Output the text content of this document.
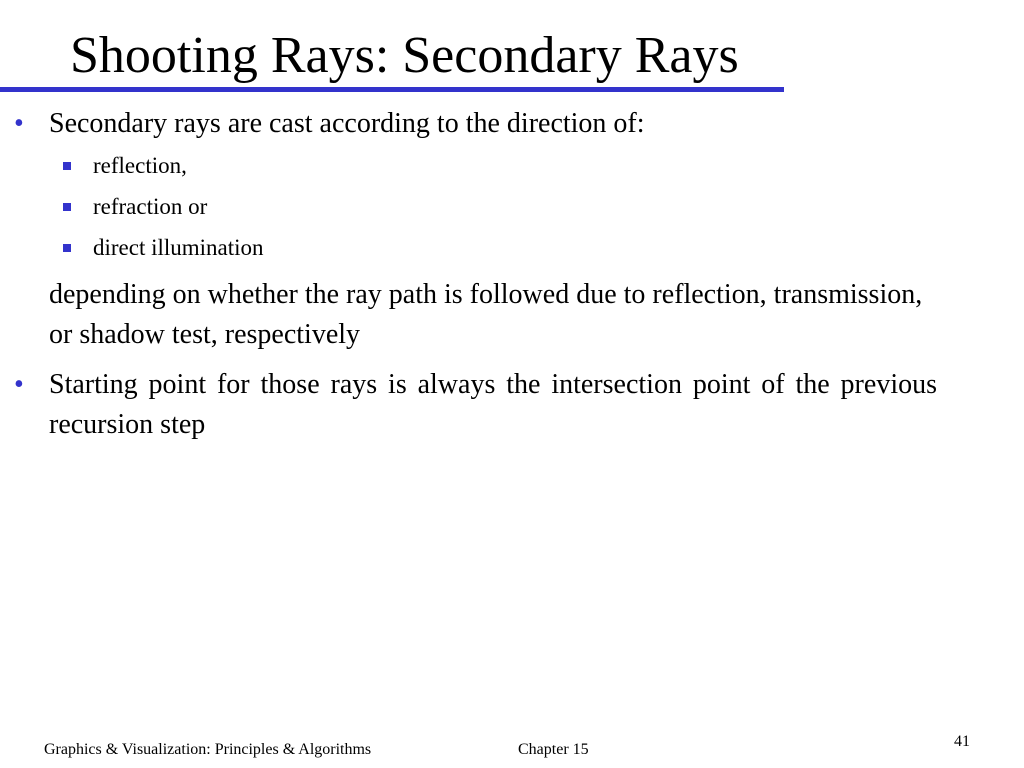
Shooting Rays: Secondary Rays
• Secondary rays are cast according to the direction of:
reflection,
refraction or
direct illumination
depending on whether the ray path is followed due to reflection, transmission, or shadow test, respectively
• Starting point for those rays is always the intersection point of the previous recursion step
Graphics & Visualization: Principles & Algorithms	Chapter 15	41
